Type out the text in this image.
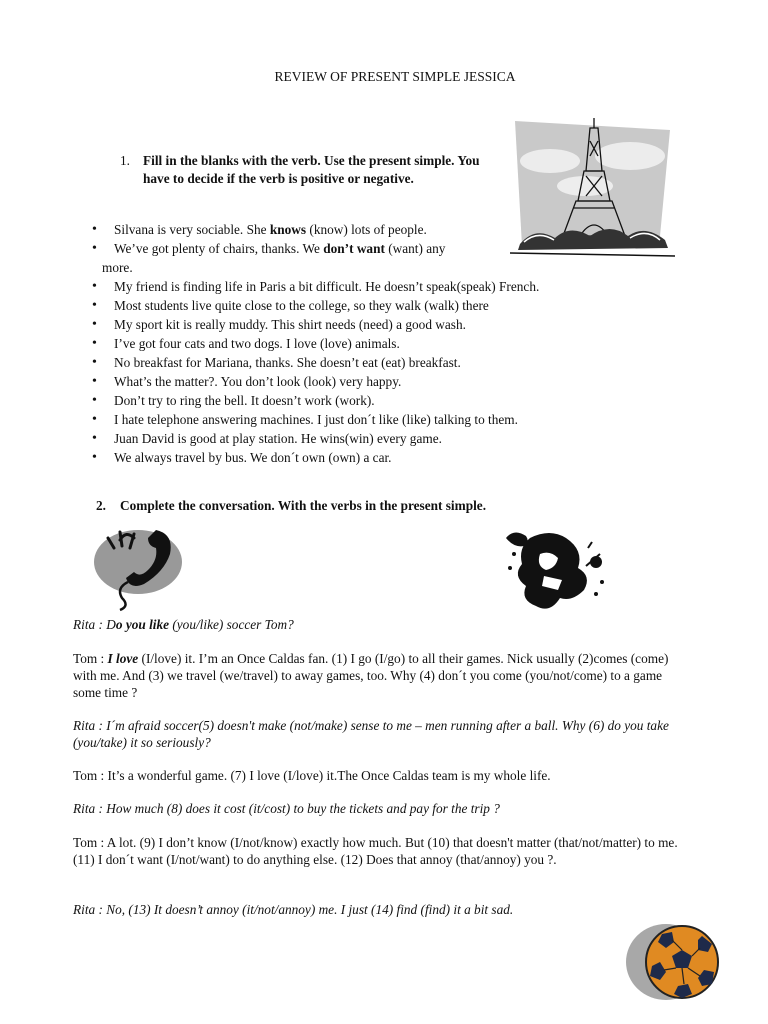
REVIEW OF PRESENT SIMPLE JESSICA
1. Fill in the blanks with the verb. Use the present simple. You have to decide if the verb is positive or negative.
• Silvana is very sociable. She knows (know) lots of people.
• We’ve got plenty of chairs, thanks. We don’t want (want) any
more.
• My friend is finding life in Paris a bit difficult. He doesn’t speak(speak) French.
• Most students live quite close to the college, so they walk (walk) there
• My sport kit is really muddy. This shirt needs (need) a good wash.
• I’ve got four cats and two dogs. I love (love) animals.
• No breakfast for Mariana, thanks. She doesn’t eat (eat) breakfast.
• What’s the matter?. You don’t look (look) very happy.
• Don’t try to ring the bell. It doesn’t work (work).
• I hate telephone answering machines. I just don´t like (like) talking to them.
• Juan David is good at play station. He wins(win) every game.
• We always travel by bus. We don´t own (own) a car.
2. Complete the conversation. With the verbs in the present simple.
Rita : Do you like (you/like) soccer Tom?
Tom : I love (I/love) it. I’m an Once Caldas fan. (1) I go (I/go) to all their games. Nick usually (2)comes (come) with me. And (3) we travel (we/travel) to away games, too. Why (4) don´t you come (you/not/come) to a game some time ?
Rita : I´m afraid soccer(5) doesn't make (not/make) sense to me – men running after a ball. Why (6) do you take (you/take) it so seriously?
Tom : It’s a wonderful game. (7) I love (I/love) it.The Once Caldas team is my whole life.
Rita : How much (8) does it cost (it/cost) to buy the tickets and pay for the trip ?
Tom : A lot. (9) I don’t know (I/not/know) exactly how much. But (10) that doesn't matter (that/not/matter) to me. (11) I don´t want (I/not/want) to do anything else. (12) Does that annoy (that/annoy) you ?.
Rita : No, (13) It doesn’t annoy (it/not/annoy) me. I just (14) find (find) it a bit sad.
